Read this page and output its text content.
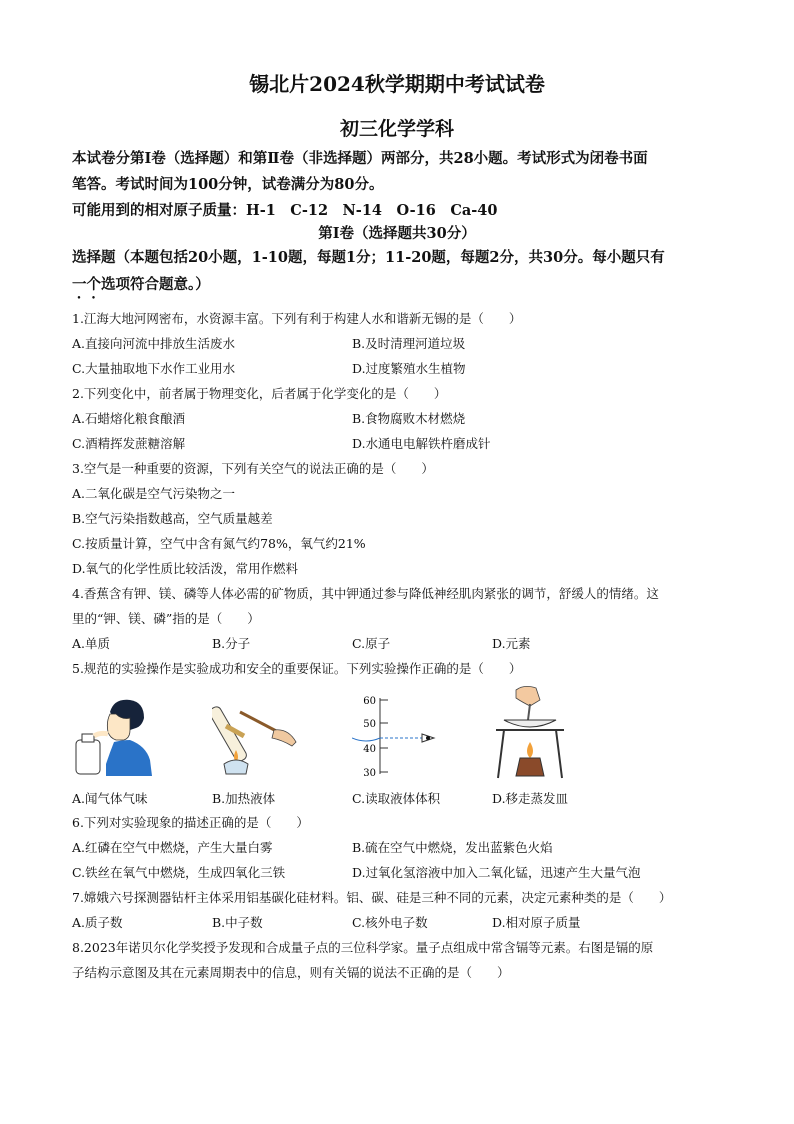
锡北片2024秋学期期中考试试卷
初三化学学科
本试卷分第Ⅰ卷（选择题）和第Ⅱ卷（非选择题）两部分，共28小题。考试形式为闭卷书面
笔答。考试时间为100分钟，试卷满分为80分。
可能用到的相对原子质量：H-1　C-12　N-14　O-16　Ca-40
第Ⅰ卷（选择题共30分）
选择题（本题包括20小题，1-10题，每题1分；11-20题，每题2分，共30分。每小题只有
一个选项符合题意。）
1.江海大地河网密布，水资源丰富。下列有利于构建人水和谐新无锡的是（　　）
A.直接向河流中排放生活废水	B.及时清理河道垃圾
C.大量抽取地下水作工业用水	D.过度繁殖水生植物
2.下列变化中，前者属于物理变化，后者属于化学变化的是（　　）
A.石蜡熔化粮食酿酒	B.食物腐败木材燃烧
C.酒精挥发蔗糖溶解	D.水通电电解铁杵磨成针
3.空气是一种重要的资源，下列有关空气的说法正确的是（　　）
A.二氧化碳是空气污染物之一
B.空气污染指数越高，空气质量越差
C.按质量计算，空气中含有氮气约78%，氧气约21%
D.氧气的化学性质比较活泼，常用作燃料
4.香蕉含有钾、镁、磷等人体必需的矿物质，其中钾通过参与降低神经肌肉紧张的调节，舒缓人的情绪。这
里的“钾、镁、磷”指的是（　　）
A.单质	B.分子	C.原子	D.元素
5.规范的实验操作是实验成功和安全的重要保证。下列实验操作正确的是（　　）
60
50
40
30
A.闻气体气味	B.加热液体	C.读取液体体积	D.移走蒸发皿
6.下列对实验现象的描述正确的是（　　）
A.红磷在空气中燃烧，产生大量白雾	B.硫在空气中燃烧，发出蓝紫色火焰
C.铁丝在氧气中燃烧，生成四氧化三铁	D.过氧化氢溶液中加入二氧化锰，迅速产生大量气泡
7.嫦娥六号探测器钻杆主体采用铝基碳化硅材料。铝、碳、硅是三种不同的元素，决定元素种类的是（　　）
A.质子数	B.中子数	C.核外电子数	D.相对原子质量
8.2023年诺贝尔化学奖授予发现和合成量子点的三位科学家。量子点组成中常含镉等元素。右图是镉的原
子结构示意图及其在元素周期表中的信息，则有关镉的说法不正确的是（　　）
